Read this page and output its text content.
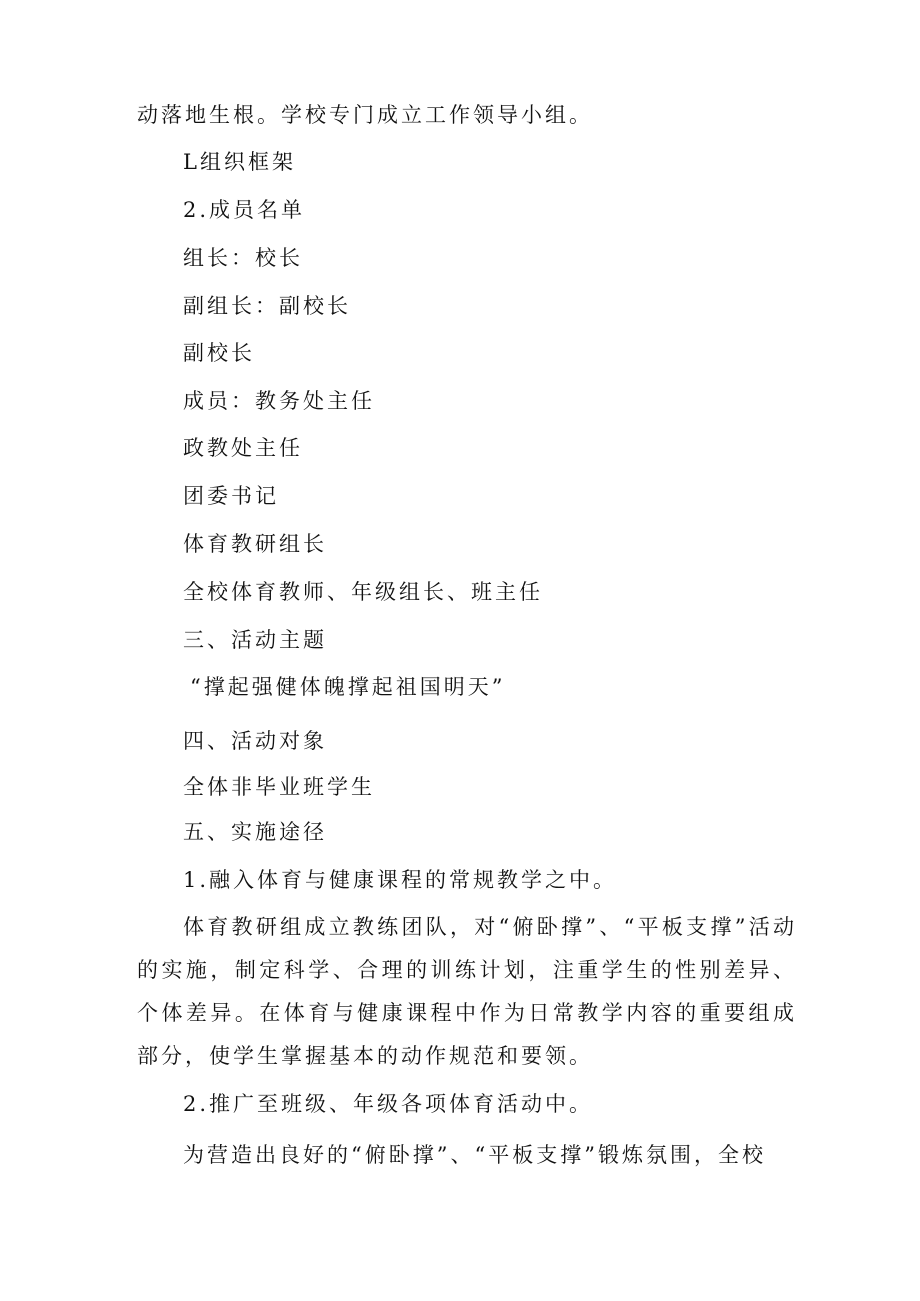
动落地生根。学校专门成立工作领导小组。
L组织框架
2.成员名单
组长：校长
副组长：副校长
副校长
成员：教务处主任
政教处主任
团委书记
体育教研组长
全校体育教师、年级组长、班主任
三、活动主题
“撑起强健体魄撑起祖国明天”
四、活动对象
全体非毕业班学生
五、实施途径
1.融入体育与健康课程的常规教学之中。
体育教研组成立教练团队，对“俯卧撑”、“平板支撑”活动的实施，制定科学、合理的训练计划，注重学生的性别差异、个体差异。在体育与健康课程中作为日常教学内容的重要组成部分，使学生掌握基本的动作规范和要领。
2.推广至班级、年级各项体育活动中。
为营造出良好的“俯卧撑”、“平板支撑”锻炼氛围，全校
